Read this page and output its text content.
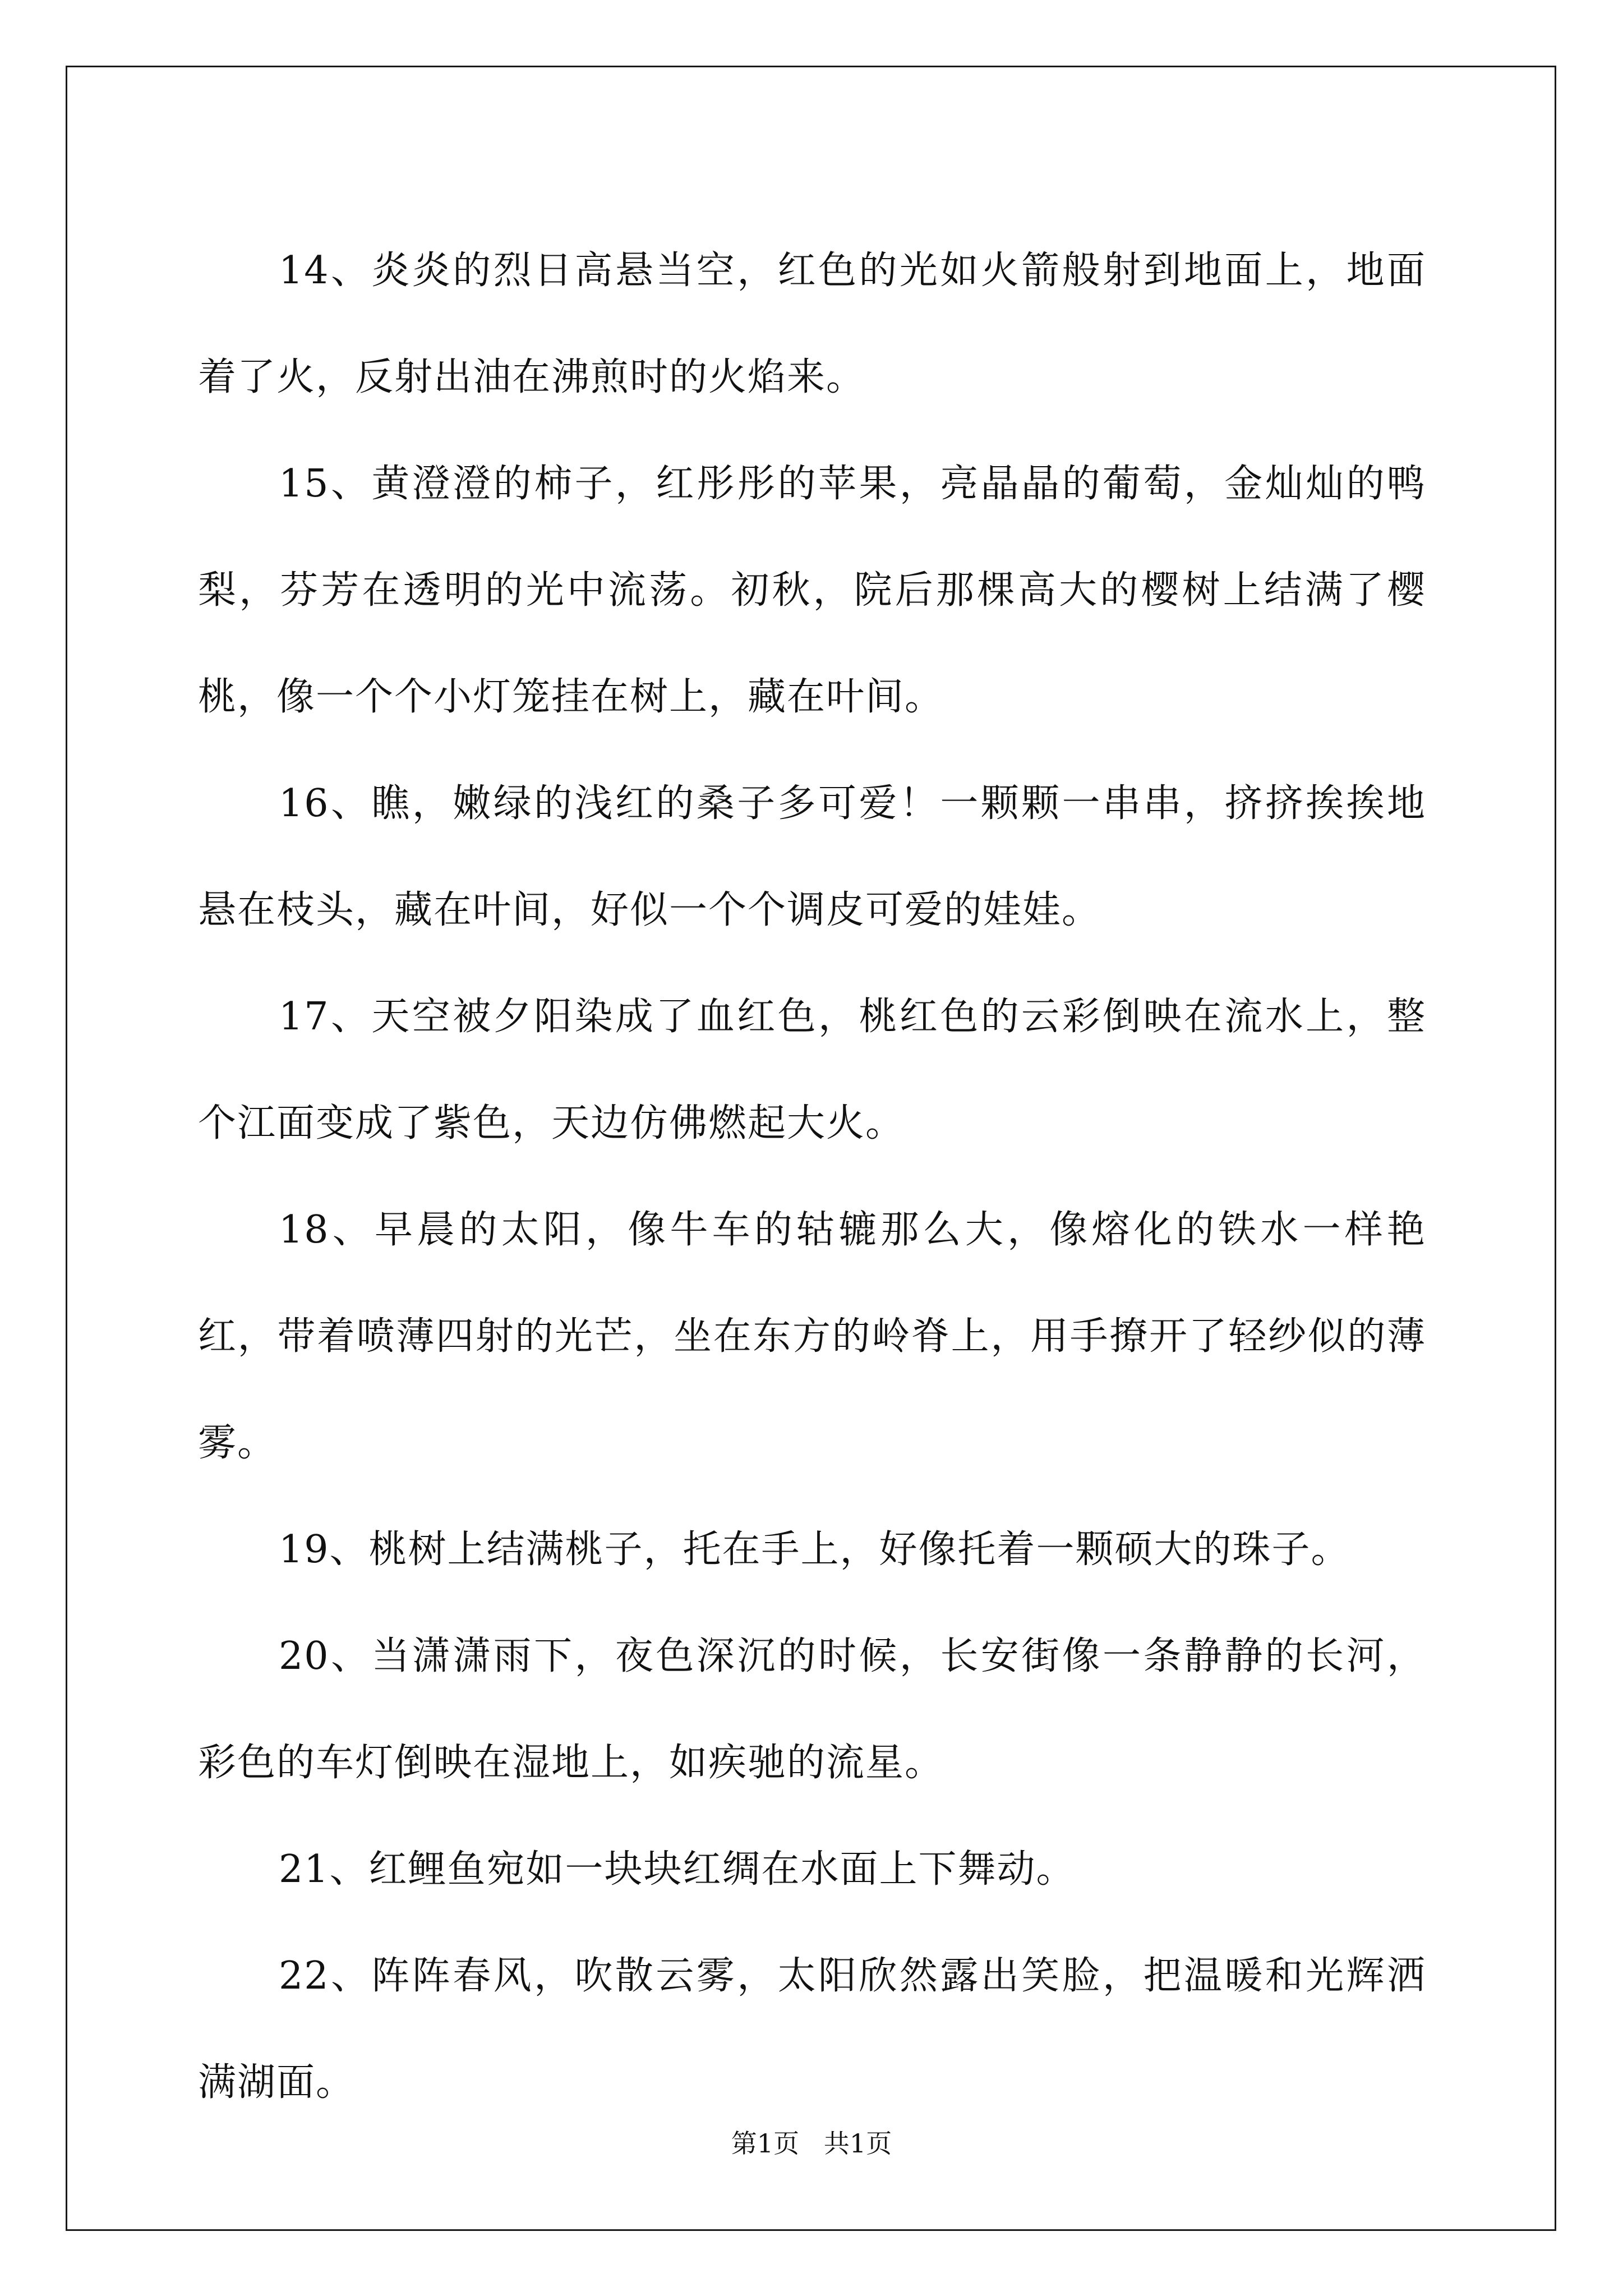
14、炎炎的烈日高悬当空，红色的光如火箭般射到地面上，地面着了火，反射出油在沸煎时的火焰来。

15、黄澄澄的柿子，红彤彤的苹果，亮晶晶的葡萄，金灿灿的鸭梨，芬芳在透明的光中流荡。初秋，院后那棵高大的樱树上结满了樱桃，像一个个小灯笼挂在树上，藏在叶间。

16、瞧，嫩绿的浅红的桑子多可爱！一颗颗一串串，挤挤挨挨地悬在枝头，藏在叶间，好似一个个调皮可爱的娃娃。

17、天空被夕阳染成了血红色，桃红色的云彩倒映在流水上，整个江面变成了紫色，天边仿佛燃起大火。

18、早晨的太阳，像牛车的轱辘那么大，像熔化的铁水一样艳红，带着喷薄四射的光芒，坐在东方的岭脊上，用手撩开了轻纱似的薄雾。

19、桃树上结满桃子，托在手上，好像托着一颗硕大的珠子。

20、当潇潇雨下，夜色深沉的时候，长安街像一条静静的长河，彩色的车灯倒映在湿地上，如疾驰的流星。

21、红鲤鱼宛如一块块红绸在水面上下舞动。

22、阵阵春风，吹散云雾，太阳欣然露出笑脸，把温暖和光辉洒满湖面。

第1页   共1页
